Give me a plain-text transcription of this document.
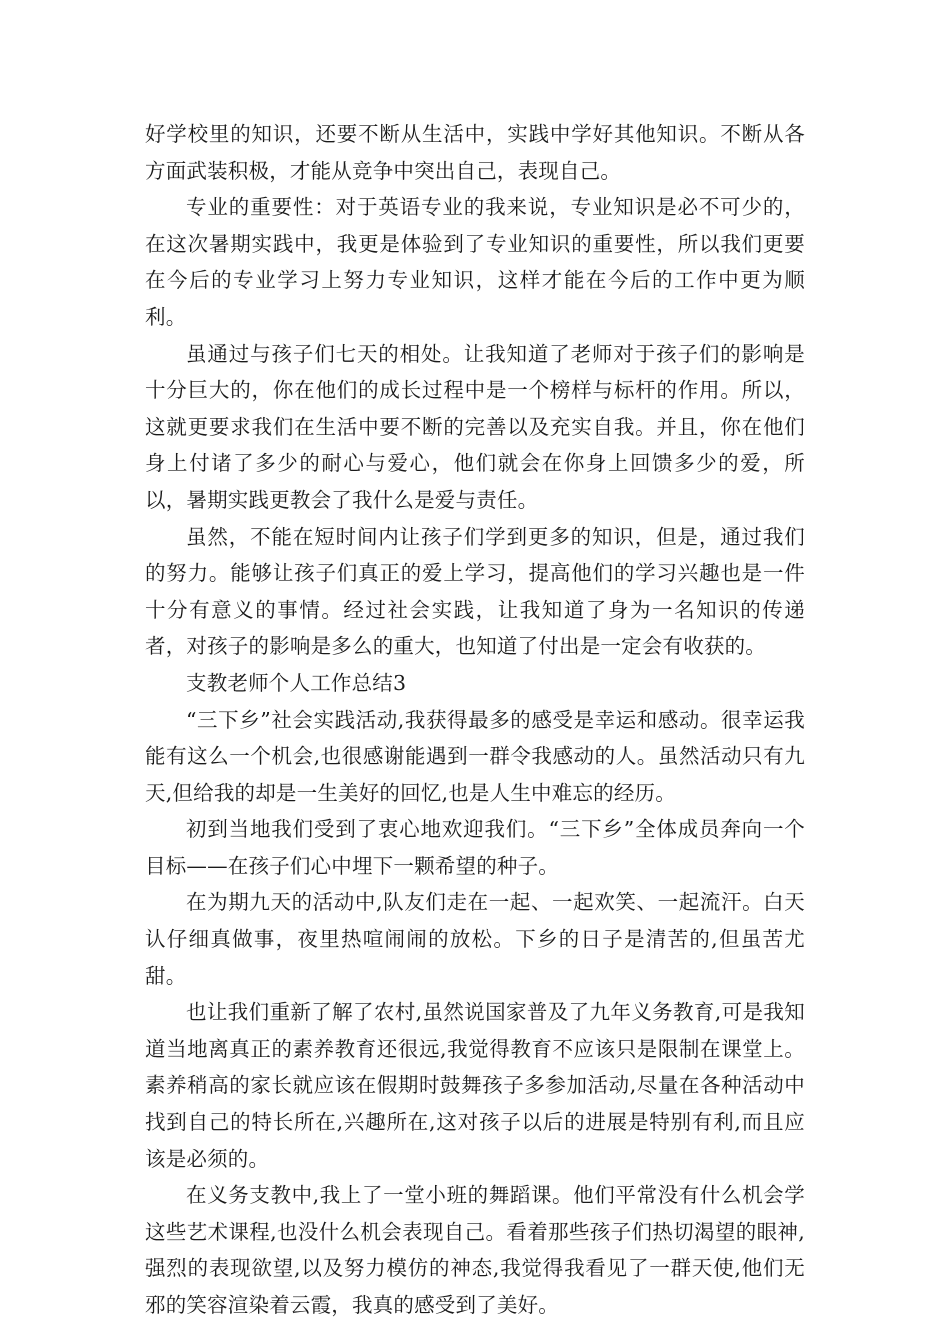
好学校里的知识，还要不断从生活中，实践中学好其他知识。不断从各方面武装积极，才能从竞争中突出自己，表现自己。

专业的重要性：对于英语专业的我来说，专业知识是必不可少的，在这次暑期实践中，我更是体验到了专业知识的重要性，所以我们更要在今后的专业学习上努力专业知识，这样才能在今后的工作中更为顺利。

虽通过与孩子们七天的相处。让我知道了老师对于孩子们的影响是十分巨大的，你在他们的成长过程中是一个榜样与标杆的作用。所以，这就更要求我们在生活中要不断的完善以及充实自我。并且，你在他们身上付诸了多少的耐心与爱心，他们就会在你身上回馈多少的爱，所以，暑期实践更教会了我什么是爱与责任。

虽然，不能在短时间内让孩子们学到更多的知识，但是，通过我们的努力。能够让孩子们真正的爱上学习，提高他们的学习兴趣也是一件十分有意义的事情。经过社会实践，让我知道了身为一名知识的传递者，对孩子的影响是多么的重大，也知道了付出是一定会有收获的。

支教老师个人工作总结3

“三下乡”社会实践活动,我获得最多的感受是幸运和感动。很幸运我能有这么一个机会,也很感谢能遇到一群令我感动的人。虽然活动只有九天,但给我的却是一生美好的回忆,也是人生中难忘的经历。

初到当地我们受到了衷心地欢迎我们。“三下乡”全体成员奔向一个目标——在孩子们心中埋下一颗希望的种子。

在为期九天的活动中,队友们走在一起、一起欢笑、一起流汗。白天认仔细真做事，夜里热喧闹闹的放松。下乡的日子是清苦的,但虽苦尤甜。

也让我们重新了解了农村,虽然说国家普及了九年义务教育,可是我知道当地离真正的素养教育还很远,我觉得教育不应该只是限制在课堂上。素养稍高的家长就应该在假期时鼓舞孩子多参加活动,尽量在各种活动中找到自己的特长所在,兴趣所在,这对孩子以后的进展是特别有利,而且应该是必须的。

在义务支教中,我上了一堂小班的舞蹈课。他们平常没有什么机会学这些艺术课程,也没什么机会表现自己。看着那些孩子们热切渴望的眼神,强烈的表现欲望,以及努力模仿的神态,我觉得我看见了一群天使,他们无邪的笑容渲染着云霞，我真的感受到了美好。
